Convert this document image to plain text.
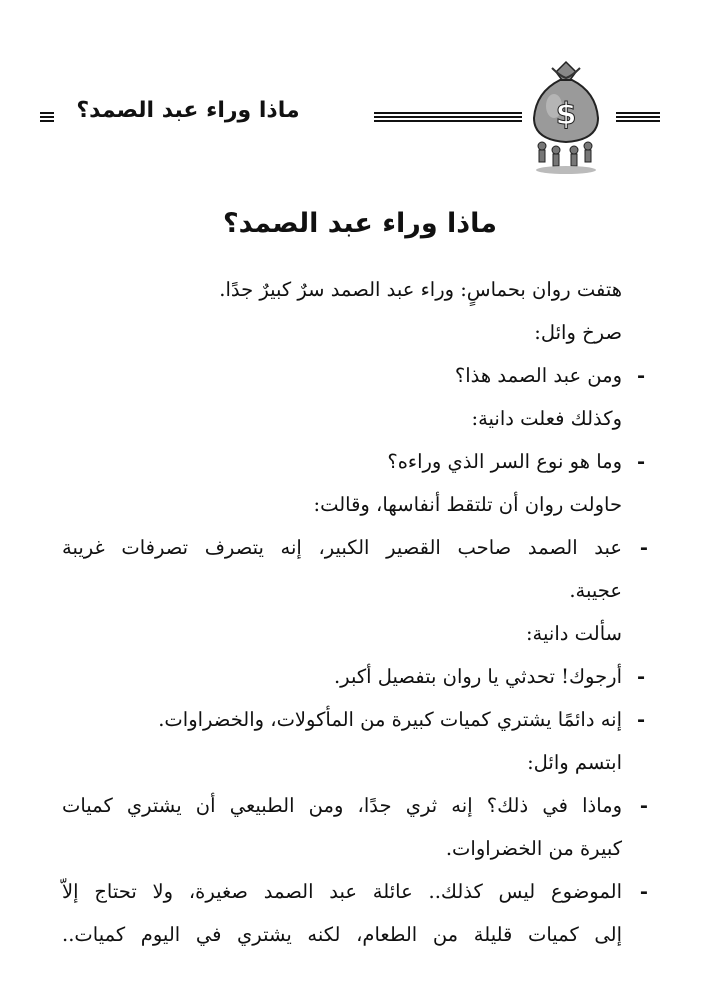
$
ماذا وراء عبد الصمد؟
ماذا وراء عبد الصمد؟
هتفت روان بحماسٍ: وراء عبد الصمد سرٌ كبيرٌ جدًا.
صرخ وائل:
-
ومن عبد الصمد هذا؟
وكذلك فعلت دانية:
-
وما هو نوع السر الذي وراءه؟
حاولت روان أن تلتقط أنفاسها، وقالت:
-
عبد الصمد صاحب القصير الكبير، إنه يتصرف تصرفات غريبة
عجيبة.
سألت دانية:
-
أرجوك! تحدثي يا روان بتفصيل أكبر.
-
إنه دائمًا يشتري كميات كبيرة من المأكولات، والخضراوات.
ابتسم وائل:
-
وماذا في ذلك؟ إنه ثري جدًا، ومن الطبيعي أن يشتري كميات
كبيرة من الخضراوات.
-
الموضوع ليس كذلك.. عائلة عبد الصمد صغيرة، ولا تحتاج إلاّ
إلى كميات قليلة من الطعام، لكنه يشتري في اليوم كميات..
